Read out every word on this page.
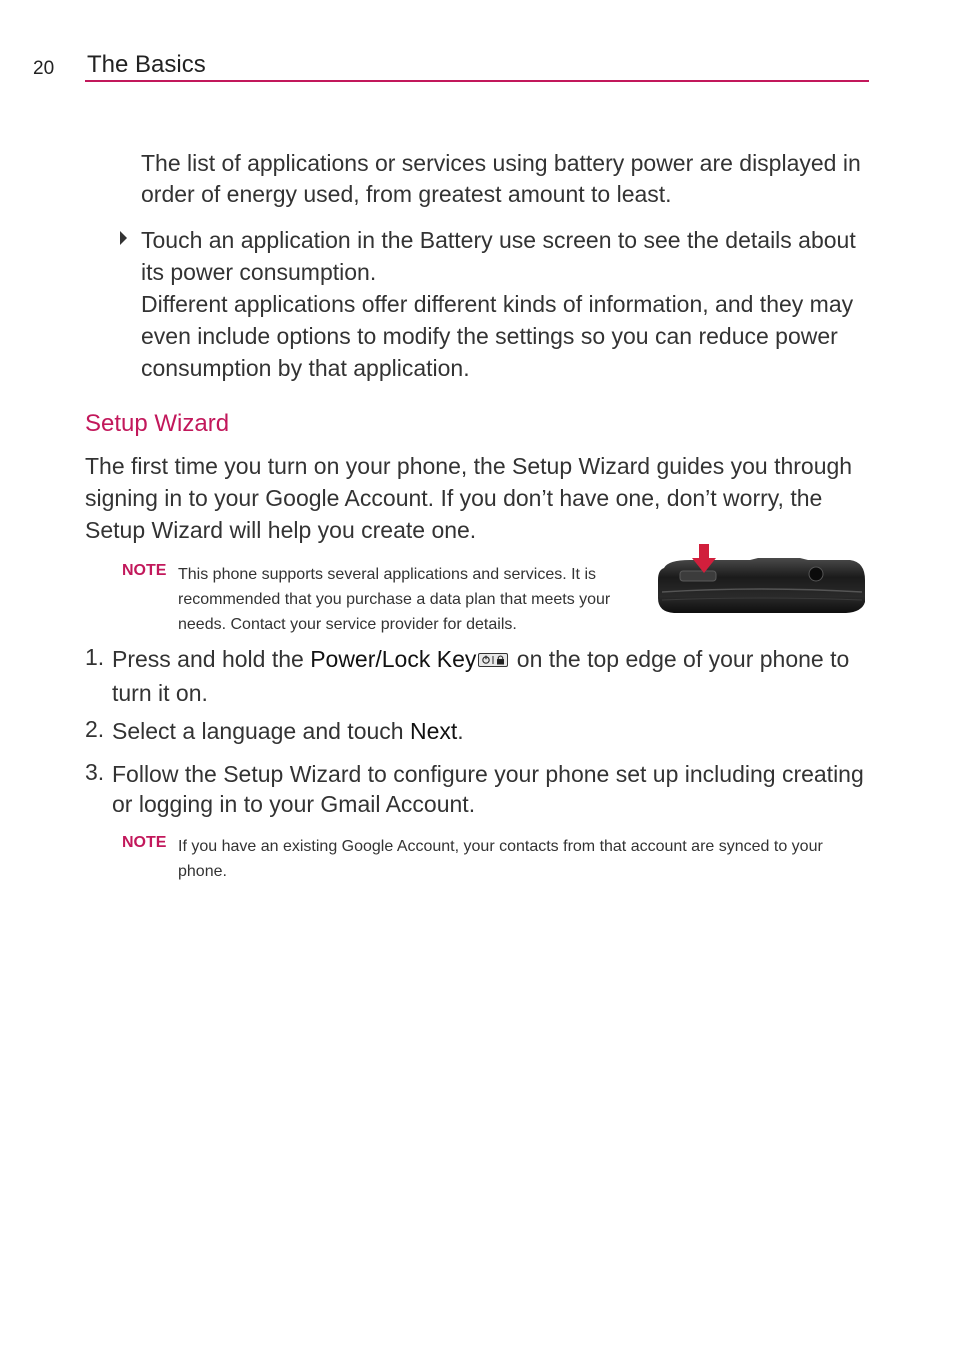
20 The Basics
The list of applications or services using battery power are displayed in order of energy used, from greatest amount to least.
Touch an application in the Battery use screen to see the details about its power consumption.
Different applications offer different kinds of information, and they may even include options to modify the settings so you can reduce power consumption by that application.
Setup Wizard
The first time you turn on your phone, the Setup Wizard guides you through signing in to your Google Account. If you don’t have one, don’t worry, the Setup Wizard will help you create one.
NOTE This phone supports several applications and services. It is recommended that you purchase a data plan that meets your needs. Contact your service provider for details.
1. Press and hold the Power/Lock Key on the top edge of your phone to turn it on.
2. Select a language and touch Next.
3. Follow the Setup Wizard to configure your phone set up including creating or logging in to your Gmail Account.
NOTE If you have an existing Google Account, your contacts from that account are synced to your phone.
